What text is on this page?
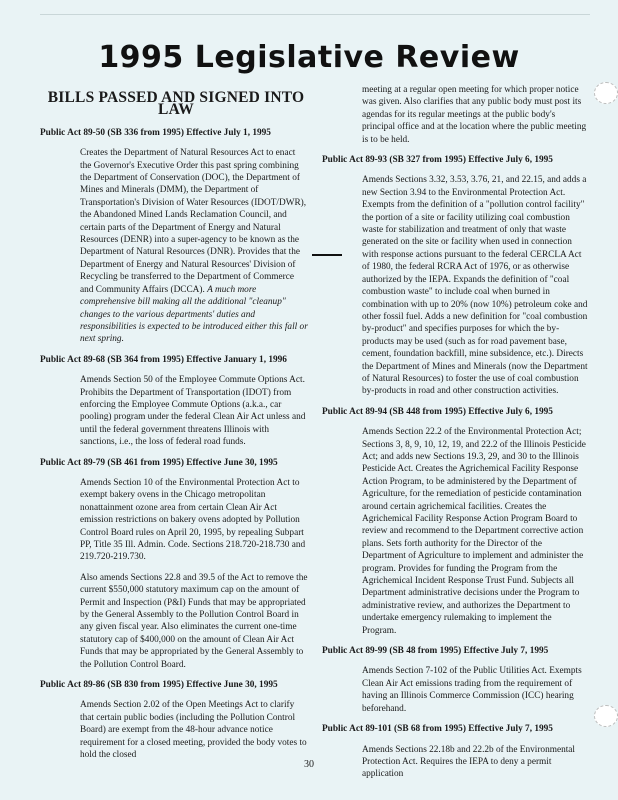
1995 Legislative Review
BILLS PASSED AND SIGNED INTO LAW
Public Act 89-50 (SB 336 from 1995) Effective July 1, 1995
Creates the Department of Natural Resources Act to enact the Governor's Executive Order this past spring combining the Department of Conservation (DOC), the Department of Mines and Minerals (DMM), the Department of Transportation's Division of Water Resources (IDOT/DWR), the Abandoned Mined Lands Reclamation Council, and certain parts of the Department of Energy and Natural Resources (DENR) into a super-agency to be known as the Department of Natural Resources (DNR). Provides that the Department of Energy and Natural Resources' Division of Recycling be transferred to the Department of Commerce and Community Affairs (DCCA). A much more comprehensive bill making all the additional "cleanup" changes to the various departments' duties and responsibilities is expected to be introduced either this fall or next spring.
Public Act 89-68 (SB 364 from 1995) Effective January 1, 1996
Amends Section 50 of the Employee Commute Options Act. Prohibits the Department of Transportation (IDOT) from enforcing the Employee Commute Options (a.k.a., car pooling) program under the federal Clean Air Act unless and until the federal government threatens Illinois with sanctions, i.e., the loss of federal road funds.
Public Act 89-79 (SB 461 from 1995) Effective June 30, 1995
Amends Section 10 of the Environmental Protection Act to exempt bakery ovens in the Chicago metropolitan nonattainment ozone area from certain Clean Air Act emission restrictions on bakery ovens adopted by Pollution Control Board rules on April 20, 1995, by repealing Subpart PP, Title 35 Ill. Admin. Code. Sections 218.720-218.730 and 219.720-219.730.
Also amends Sections 22.8 and 39.5 of the Act to remove the current $550,000 statutory maximum cap on the amount of Permit and Inspection (P&I) Funds that may be appropriated by the General Assembly to the Pollution Control Board in any given fiscal year. Also eliminates the current one-time statutory cap of $400,000 on the amount of Clean Air Act Funds that may be appropriated by the General Assembly to the Pollution Control Board.
Public Act 89-86 (SB 830 from 1995) Effective June 30, 1995
Amends Section 2.02 of the Open Meetings Act to clarify that certain public bodies (including the Pollution Control Board) are exempt from the 48-hour advance notice requirement for a closed meeting, provided the body votes to hold the closed
meeting at a regular open meeting for which proper notice was given. Also clarifies that any public body must post its agendas for its regular meetings at the public body's principal office and at the location where the public meeting is to be held.
Public Act 89-93 (SB 327 from 1995) Effective July 6, 1995
Amends Sections 3.32, 3.53, 3.76, 21, and 22.15, and adds a new Section 3.94 to the Environmental Protection Act. Exempts from the definition of a "pollution control facility" the portion of a site or facility utilizing coal combustion waste for stabilization and treatment of only that waste generated on the site or facility when used in connection with response actions pursuant to the federal CERCLA Act of 1980, the federal RCRA Act of 1976, or as otherwise authorized by the IEPA. Expands the definition of "coal combustion waste" to include coal when burned in combination with up to 20% (now 10%) petroleum coke and other fossil fuel. Adds a new definition for "coal combustion by-product" and specifies purposes for which the by-products may be used (such as for road pavement base, cement, foundation backfill, mine subsidence, etc.). Directs the Department of Mines and Minerals (now the Department of Natural Resources) to foster the use of coal combustion by-products in road and other construction activities.
Public Act 89-94 (SB 448 from 1995) Effective July 6, 1995
Amends Section 22.2 of the Environmental Protection Act; Sections 3, 8, 9, 10, 12, 19, and 22.2 of the Illinois Pesticide Act; and adds new Sections 19.3, 29, and 30 to the Illinois Pesticide Act. Creates the Agrichemical Facility Response Action Program, to be administered by the Department of Agriculture, for the remediation of pesticide contamination around certain agrichemical facilities. Creates the Agrichemical Facility Response Action Program Board to review and recommend to the Department corrective action plans. Sets forth authority for the Director of the Department of Agriculture to implement and administer the program. Provides for funding the Program from the Agrichemical Incident Response Trust Fund. Subjects all Department administrative decisions under the Program to administrative review, and authorizes the Department to undertake emergency rulemaking to implement the Program.
Public Act 89-99 (SB 48 from 1995) Effective July 7, 1995
Amends Section 7-102 of the Public Utilities Act. Exempts Clean Air Act emissions trading from the requirement of having an Illinois Commerce Commission (ICC) hearing beforehand.
Public Act 89-101 (SB 68 from 1995) Effective July 7, 1995
Amends Sections 22.18b and 22.2b of the Environmental Protection Act. Requires the IEPA to deny a permit application
30
